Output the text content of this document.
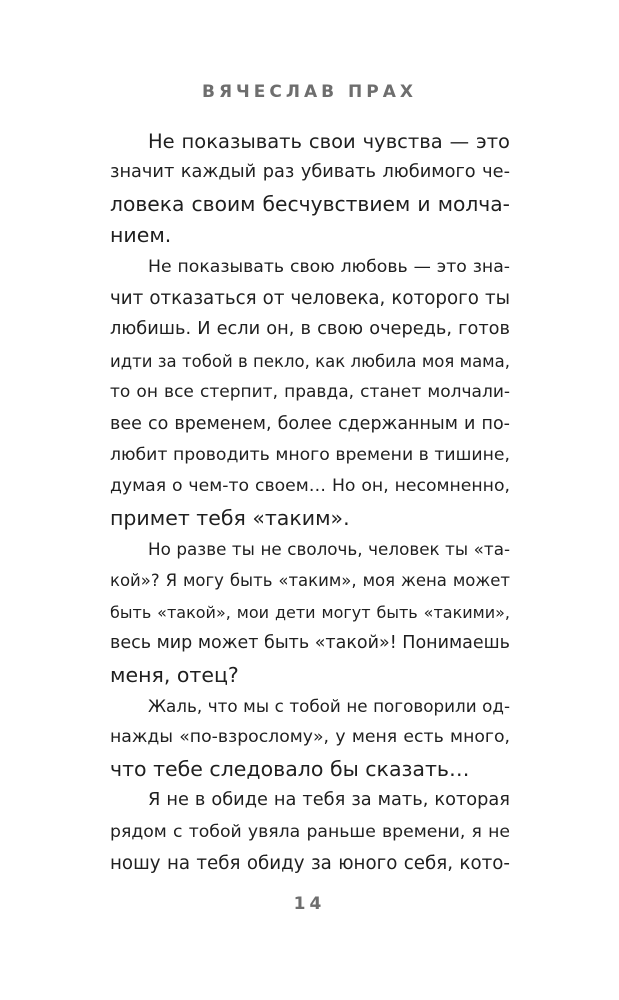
ВЯЧЕСЛАВ ПРАХ
Не показывать свои чувства — это
значит каждый раз убивать любимого че-
ловека своим бесчувствием и молча-
нием.
Не показывать свою любовь — это зна-
чит отказаться от человека, которого ты
любишь. И если он, в свою очередь, готов
идти за тобой в пекло, как любила моя мама,
то он все стерпит, правда, станет молчали-
вее со временем, более сдержанным и по-
любит проводить много времени в тишине,
думая о чем-то своем… Но он, несомненно,
примет тебя «таким».
Но разве ты не сволочь, человек ты «та-
кой»? Я могу быть «таким», моя жена может
быть «такой», мои дети могут быть «такими»,
весь мир может быть «такой»! Понимаешь
меня, отец?
Жаль, что мы с тобой не поговорили од-
нажды «по-взрослому», у меня есть много,
что тебе следовало бы сказать…
Я не в обиде на тебя за мать, которая
рядом с тобой увяла раньше времени, я не
ношу на тебя обиду за юного себя, кото-
14
